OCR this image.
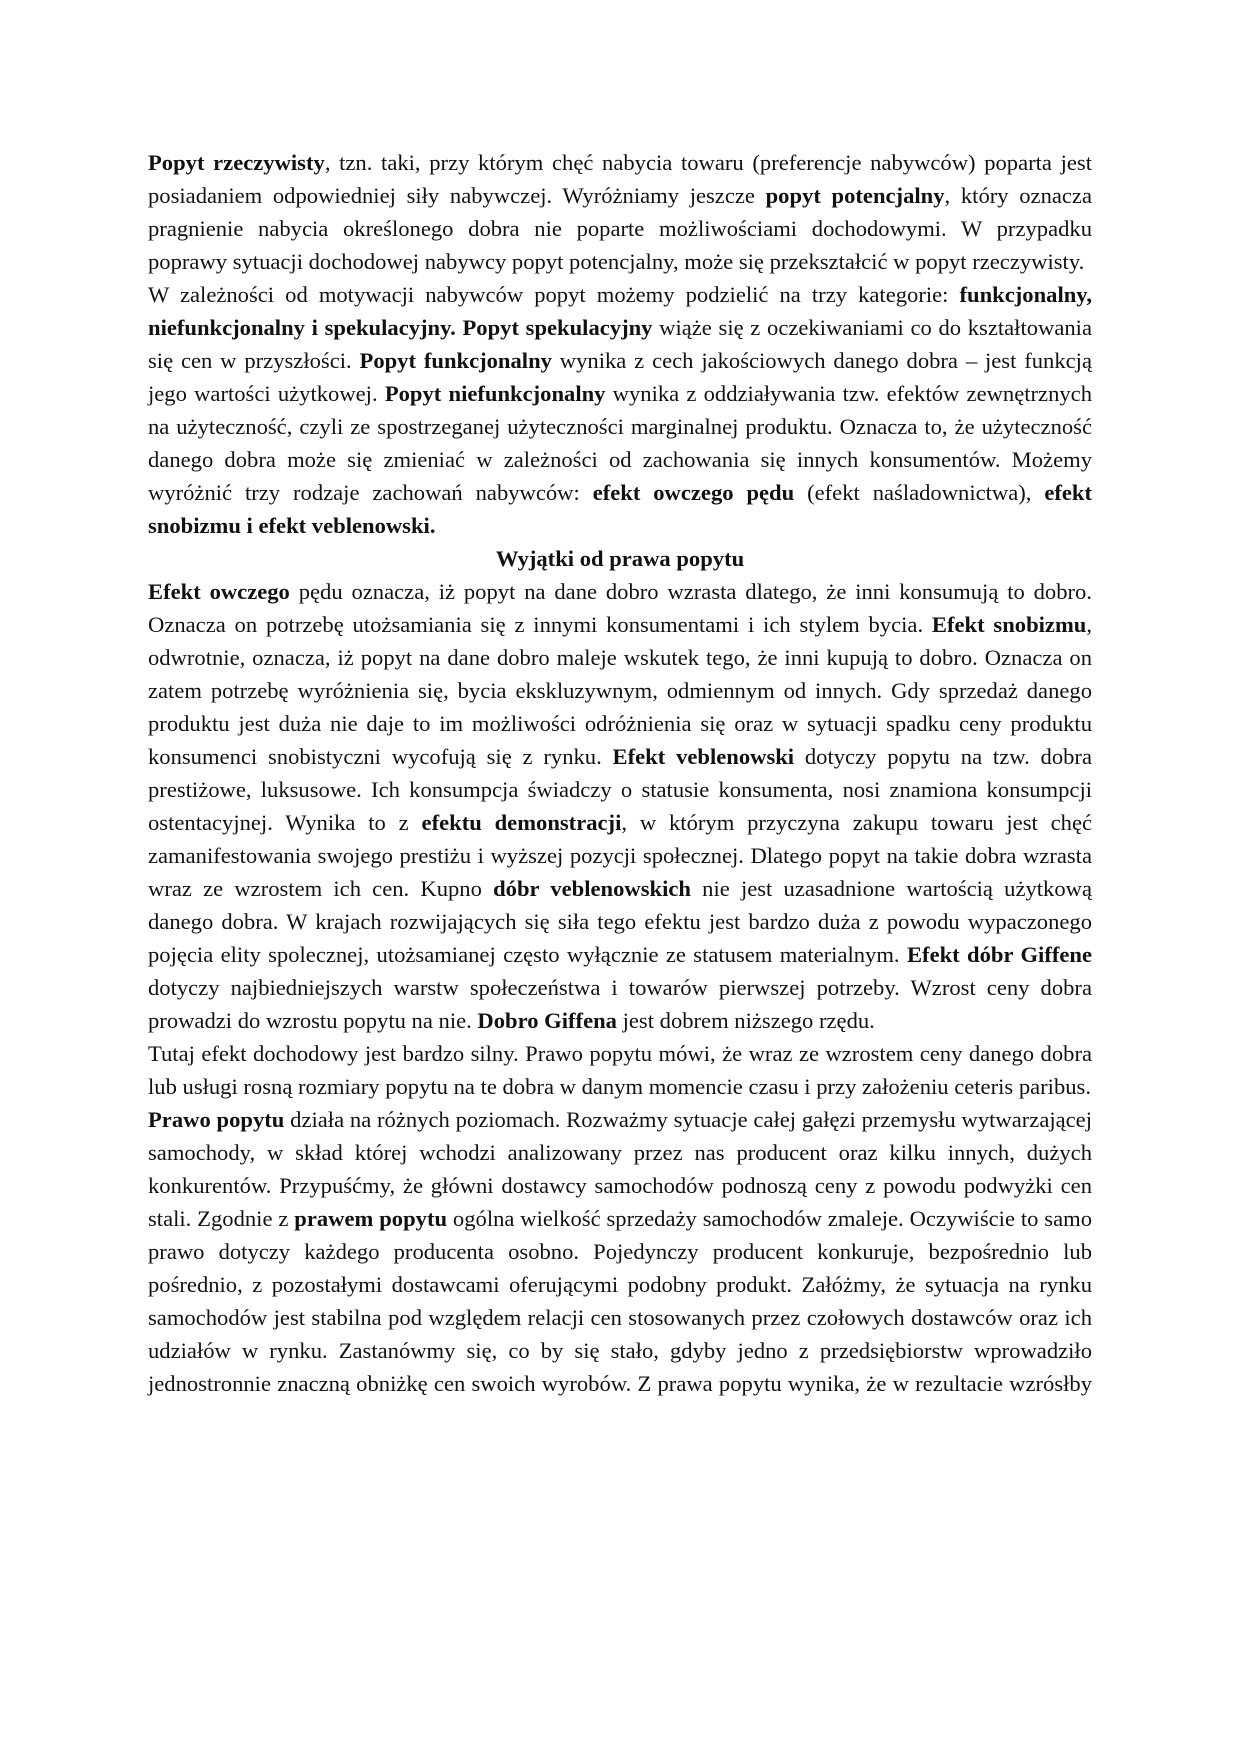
Popyt rzeczywisty, tzn. taki, przy którym chęć nabycia towaru (preferencje nabywców) poparta jest posiadaniem odpowiedniej siły nabywczej. Wyróżniamy jeszcze popyt potencjalny, który oznacza pragnienie nabycia określonego dobra nie poparte możliwościami dochodowymi. W przypadku poprawy sytuacji dochodowej nabywcy popyt potencjalny, może się przekształcić w popyt rzeczywisty.

W zależności od motywacji nabywców popyt możemy podzielić na trzy kategorie: funkcjonalny, niefunkcjonalny i spekulacyjny. Popyt spekulacyjny wiąże się z oczekiwaniami co do kształtowania się cen w przyszłości. Popyt funkcjonalny wynika z cech jakościowych danego dobra – jest funkcją jego wartości użytkowej. Popyt niefunkcjonalny wynika z oddziaływania tzw. efektów zewnętrznych na użyteczność, czyli ze spostrzeganej użyteczności marginalnej produktu. Oznacza to, że użyteczność danego dobra może się zmieniać w zależności od zachowania się innych konsumentów. Możemy wyróżnić trzy rodzaje zachowań nabywców: efekt owczego pędu (efekt naśladownictwa), efekt snobizmu i efekt veblenowski.

Wyjątki od prawa popytu

Efekt owczego pędu oznacza, iż popyt na dane dobro wzrasta dlatego, że inni konsumują to dobro. Oznacza on potrzebę utożsamiania się z innymi konsumentami i ich stylem bycia. Efekt snobizmu, odwrotnie, oznacza, iż popyt na dane dobro maleje wskutek tego, że inni kupują to dobro. Oznacza on zatem potrzebę wyróżnienia się, bycia ekskluzywnym, odmiennym od innych. Gdy sprzedaż danego produktu jest duża nie daje to im możliwości odróżnienia się oraz w sytuacji spadku ceny produktu konsumenci snobistyczni wycofują się z rynku. Efekt veblenowski dotyczy popytu na tzw. dobra prestiżowe, luksusowe. Ich konsumpcja świadczy o statusie konsumenta, nosi znamiona konsumpcji ostentacyjnej. Wynika to z efektu demonstracji, w którym przyczyna zakupu towaru jest chęć zamanifestowania swojego prestiżu i wyższej pozycji społecznej. Dlatego popyt na takie dobra wzrasta wraz ze wzrostem ich cen. Kupno dóbr veblenowskich nie jest uzasadnione wartością użytkową danego dobra. W krajach rozwijających się siła tego efektu jest bardzo duża z powodu wypaczonego pojęcia elity spolecznej, utożsamianej często wyłącznie ze statusem materialnym. Efekt dóbr Giffene dotyczy najbiedniejszych warstw społeczeństwa i towarów pierwszej potrzeby. Wzrost ceny dobra prowadzi do wzrostu popytu na nie. Dobro Giffena jest dobrem niższego rzędu.

Tutaj efekt dochodowy jest bardzo silny. Prawo popytu mówi, że wraz ze wzrostem ceny danego dobra lub usługi rosną rozmiary popytu na te dobra w danym momencie czasu i przy założeniu ceteris paribus.

Prawo popytu działa na różnych poziomach. Rozważmy sytuacje całej gałęzi przemysłu wytwarzającej samochody, w skład której wchodzi analizowany przez nas producent oraz kilku innych, dużych konkurentów. Przypuśćmy, że główni dostawcy samochodów podnoszą ceny z powodu podwyżki cen stali. Zgodnie z prawem popytu ogólna wielkość sprzedaży samochodów zmaleje. Oczywiście to samo prawo dotyczy każdego producenta osobno. Pojedynczy producent konkuruje, bezpośrednio lub pośrednio, z pozostałymi dostawcami oferującymi podobny produkt. Załóżmy, że sytuacja na rynku samochodów jest stabilna pod względem relacji cen stosowanych przez czołowych dostawców oraz ich udziałów w rynku. Zastanówmy się, co by się stało, gdyby jedno z przedsiębiorstw wprowadziło jednostronnie znaczną obniżkę cen swoich wyrobów. Z prawa popytu wynika, że w rezultacie wzrósłby
